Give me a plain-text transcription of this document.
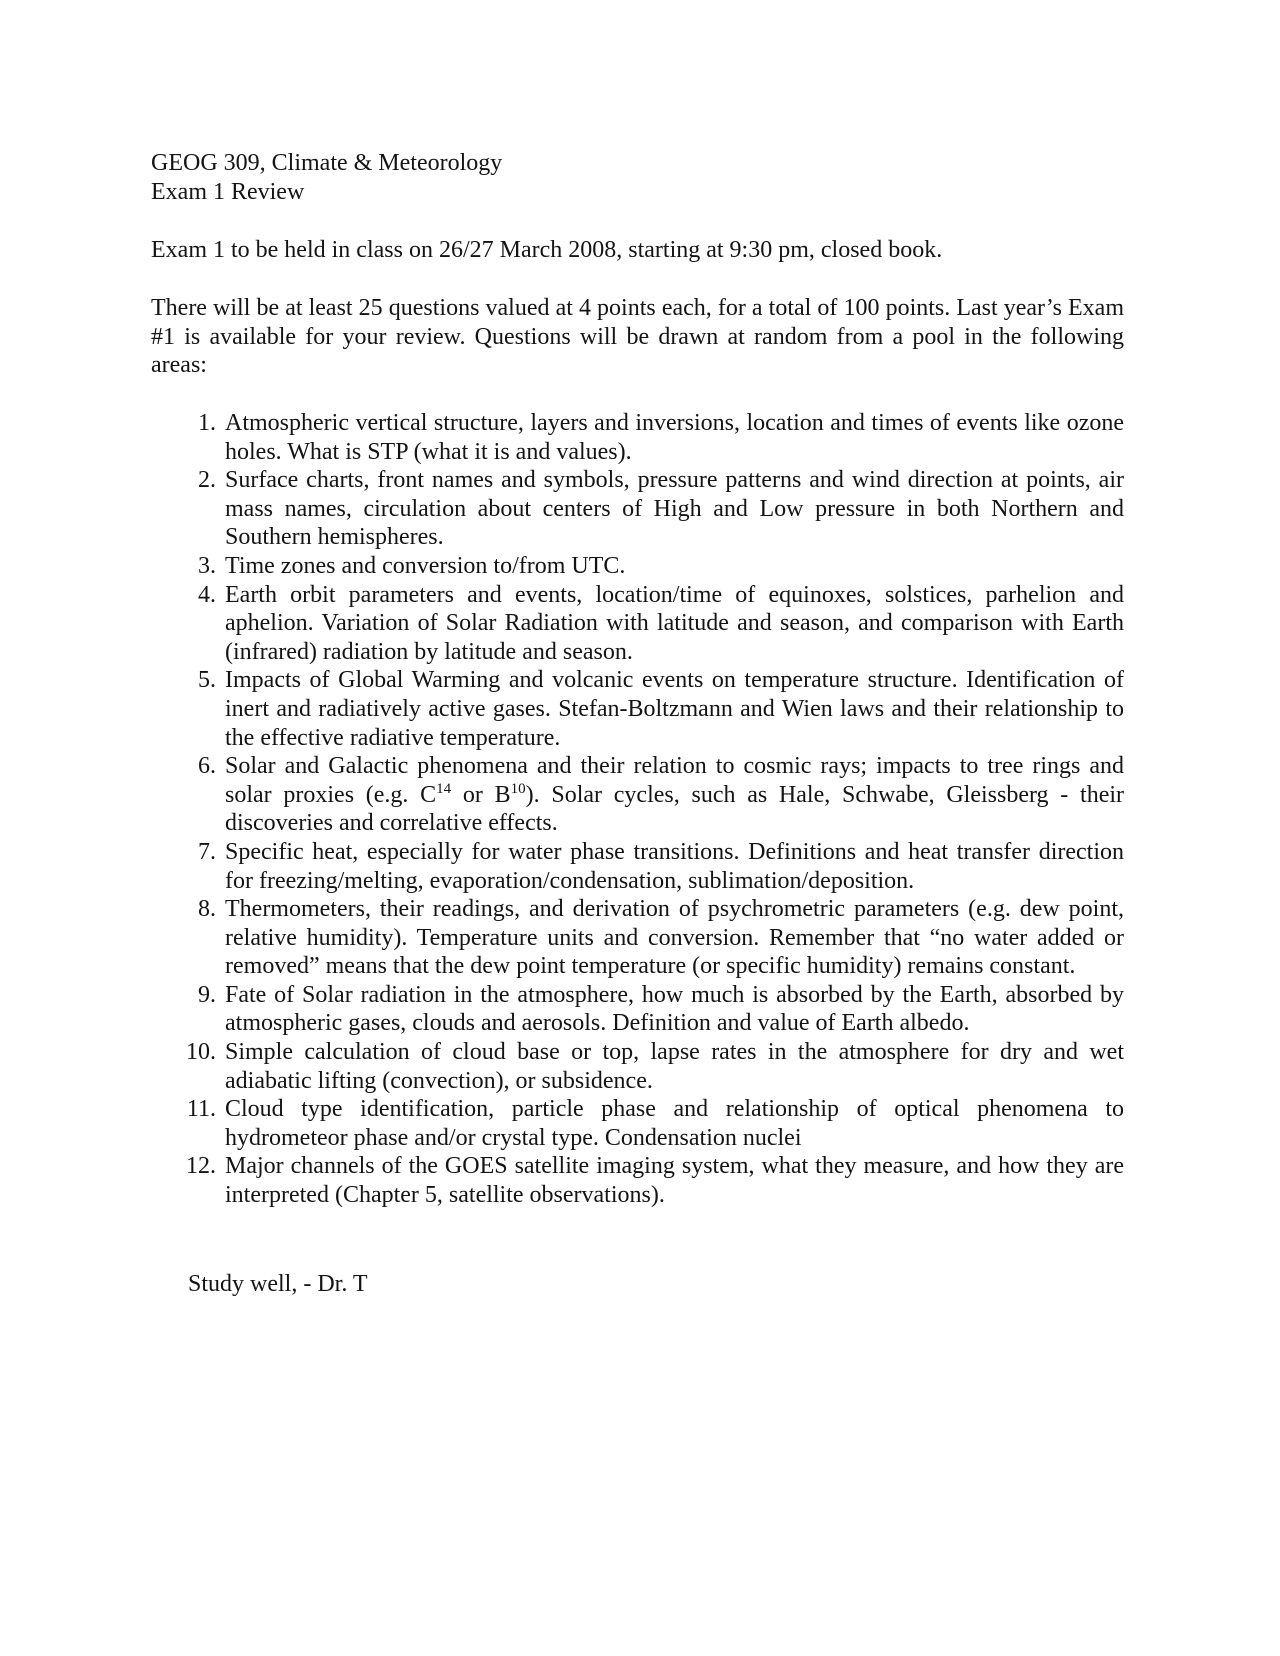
GEOG 309, Climate & Meteorology
Exam 1 Review
Exam 1 to be held in class on 26/27 March 2008, starting at 9:30 pm, closed book.
There will be at least 25 questions valued at 4 points each, for a total of 100 points. Last year’s Exam #1 is available for your review. Questions will be drawn at random from a pool in the following areas:
1. Atmospheric vertical structure, layers and inversions, location and times of events like ozone holes. What is STP (what it is and values).
2. Surface charts, front names and symbols, pressure patterns and wind direction at points, air mass names, circulation about centers of High and Low pressure in both Northern and Southern hemispheres.
3. Time zones and conversion to/from UTC.
4. Earth orbit parameters and events, location/time of equinoxes, solstices, parhelion and aphelion. Variation of Solar Radiation with latitude and season, and comparison with Earth (infrared) radiation by latitude and season.
5. Impacts of Global Warming and volcanic events on temperature structure. Identification of inert and radiatively active gases. Stefan-Boltzmann and Wien laws and their relationship to the effective radiative temperature.
6. Solar and Galactic phenomena and their relation to cosmic rays; impacts to tree rings and solar proxies (e.g. $C^{14}$ or $B^{10}$). Solar cycles, such as Hale, Schwabe, Gleissberg - their discoveries and correlative effects.
7. Specific heat, especially for water phase transitions. Definitions and heat transfer direction for freezing/melting, evaporation/condensation, sublimation/deposition.
8. Thermometers, their readings, and derivation of psychrometric parameters (e.g. dew point, relative humidity). Temperature units and conversion. Remember that “no water added or removed” means that the dew point temperature (or specific humidity) remains constant.
9. Fate of Solar radiation in the atmosphere, how much is absorbed by the Earth, absorbed by atmospheric gases, clouds and aerosols. Definition and value of Earth albedo.
10. Simple calculation of cloud base or top, lapse rates in the atmosphere for dry and wet adiabatic lifting (convection), or subsidence.
11. Cloud type identification, particle phase and relationship of optical phenomena to hydrometeor phase and/or crystal type. Condensation nuclei
12. Major channels of the GOES satellite imaging system, what they measure, and how they are interpreted (Chapter 5, satellite observations).
Study well, - Dr. T
